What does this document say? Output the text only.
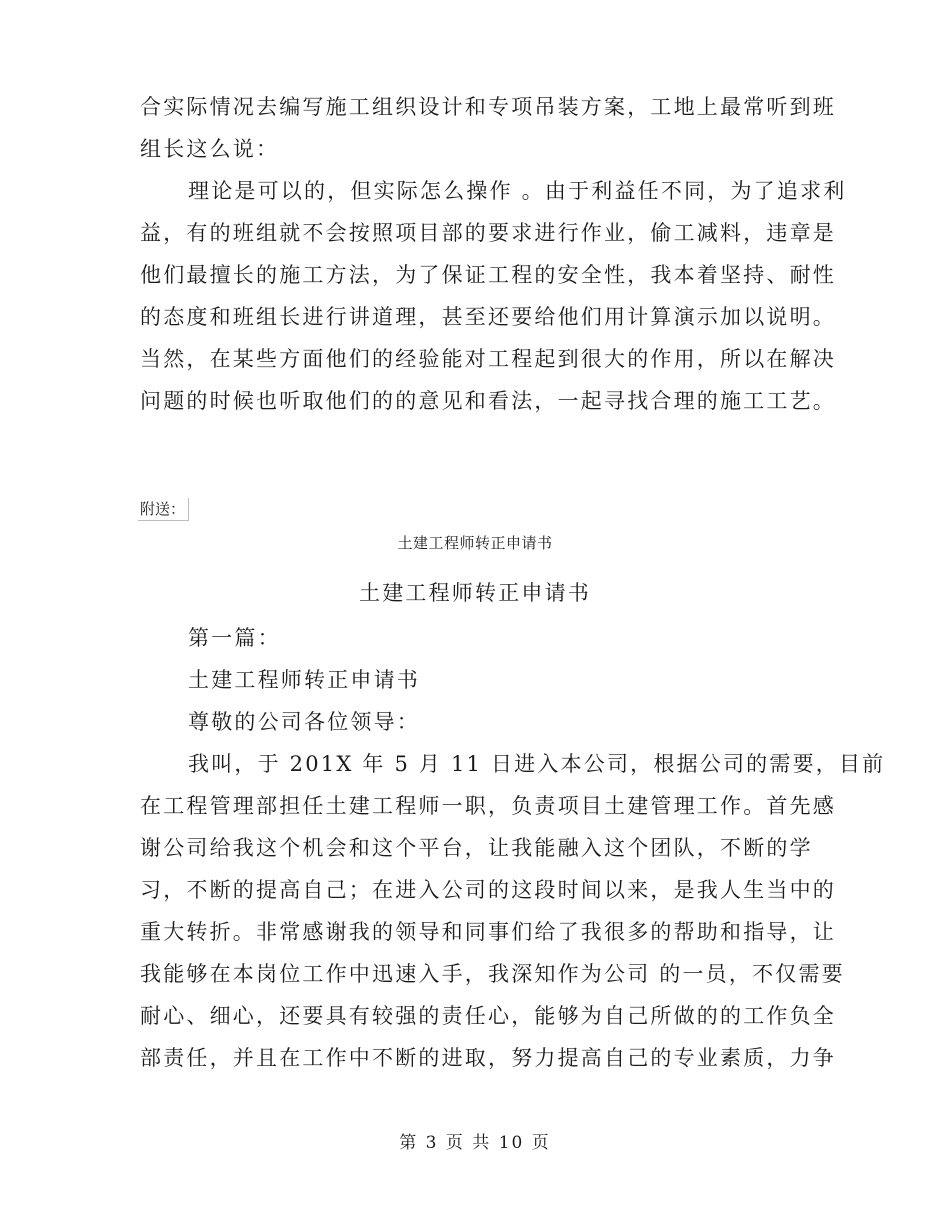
合实际情况去编写施工组织设计和专项吊装方案，工地上最常听到班
组长这么说：
理论是可以的，但实际怎么操作 。由于利益任不同，为了追求利
益，有的班组就不会按照项目部的要求进行作业，偷工减料，违章是
他们最擅长的施工方法，为了保证工程的安全性，我本着坚持、耐性
的态度和班组长进行讲道理，甚至还要给他们用计算演示加以说明。
当然，在某些方面他们的经验能对工程起到很大的作用，所以在解决
问题的时候也听取他们的的意见和看法，一起寻找合理的施工工艺。
附送：
土建工程师转正申请书
土建工程师转正申请书
第一篇：
土建工程师转正申请书
尊敬的公司各位领导：
我叫，于 201X 年 5 月 11 日进入本公司，根据公司的需要，目前
在工程管理部担任土建工程师一职，负责项目土建管理工作。首先感
谢公司给我这个机会和这个平台，让我能融入这个团队，不断的学
习，不断的提高自己；在进入公司的这段时间以来，是我人生当中的
重大转折。非常感谢我的领导和同事们给了我很多的帮助和指导，让
我能够在本岗位工作中迅速入手，我深知作为公司 的一员，不仅需要
耐心、细心，还要具有较强的责任心，能够为自己所做的的工作负全
部责任，并且在工作中不断的进取，努力提高自己的专业素质，力争
第 3 页 共 10 页
